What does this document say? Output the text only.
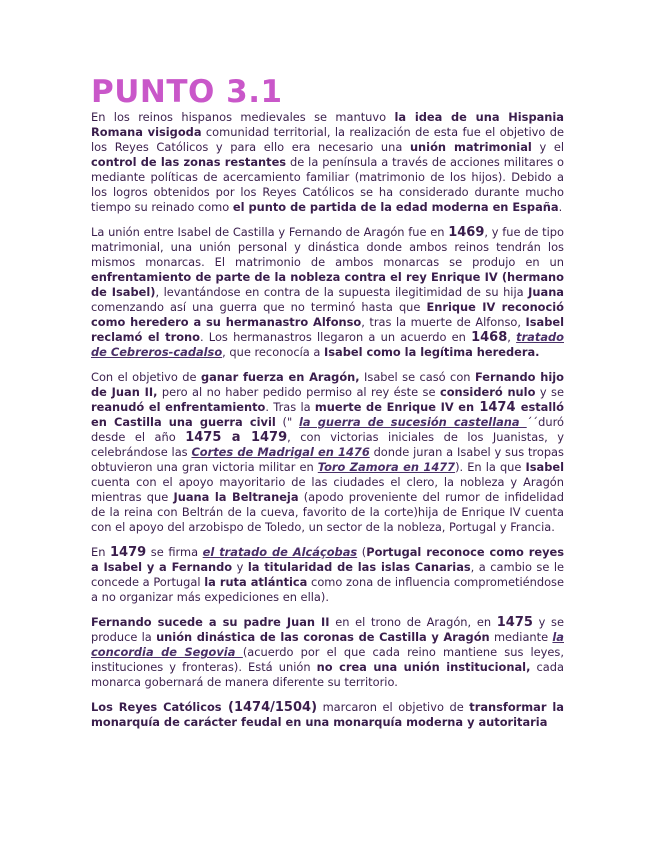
PUNTO 3.1

En los reinos hispanos medievales se mantuvo la idea de una Hispania Romana visigoda comunidad territorial, la realización de esta fue el objetivo de los Reyes Católicos y para ello era necesario una unión matrimonial y el control de las zonas restantes de la península a través de acciones militares o mediante políticas de acercamiento familiar (matrimonio de los hijos). Debido a los logros obtenidos por los Reyes Católicos se ha considerado durante mucho tiempo su reinado como el punto de partida de la edad moderna en España.

La unión entre Isabel de Castilla y Fernando de Aragón fue en 1469, y fue de tipo matrimonial, una unión personal y dinástica donde ambos reinos tendrán los mismos monarcas. El matrimonio de ambos monarcas se produjo en un enfrentamiento de parte de la nobleza contra el rey Enrique IV (hermano de Isabel), levantándose en contra de la supuesta ilegitimidad de su hija Juana comenzando así una guerra que no terminó hasta que Enrique IV reconoció como heredero a su hermanastro Alfonso, tras la muerte de Alfonso, Isabel reclamó el trono. Los hermanastros llegaron a un acuerdo en 1468, tratado de Cebreros-cadalso, que reconocía a Isabel como la legítima heredera.

Con el objetivo de ganar fuerza en Aragón, Isabel se casó con Fernando hijo de Juan II, pero al no haber pedido permiso al rey éste se consideró nulo y se reanudó el enfrentamiento. Tras la muerte de Enrique IV en 1474 estalló en Castilla una guerra civil (" la guerra de sucesión castellana ´´duró desde el año 1475 a 1479, con victorias iniciales de los Juanistas, y celebrándose las Cortes de Madrigal en 1476 donde juran a Isabel y sus tropas obtuvieron una gran victoria militar en Toro Zamora en 1477). En la que Isabel cuenta con el apoyo mayoritario de las ciudades el clero, la nobleza y Aragón mientras que Juana la Beltraneja (apodo proveniente del rumor de infidelidad de la reina con Beltrán de la cueva, favorito de la corte)hija de Enrique IV cuenta con el apoyo del arzobispo de Toledo, un sector de la nobleza, Portugal y Francia.

En 1479 se firma el tratado de Alcáçobas (Portugal reconoce como reyes a Isabel y a Fernando y la titularidad de las islas Canarias, a cambio se le concede a Portugal la ruta atlántica como zona de influencia comprometiéndose a no organizar más expediciones en ella).

Fernando sucede a su padre Juan II en el trono de Aragón, en 1475 y se produce la unión dinástica de las coronas de Castilla y Aragón mediante la concordia de Segovia (acuerdo por el que cada reino mantiene sus leyes, instituciones y fronteras). Está unión no crea una unión institucional, cada monarca gobernará de manera diferente su territorio.

Los Reyes Católicos (1474/1504) marcaron el objetivo de transformar la monarquía de carácter feudal en una monarquía moderna y autoritaria
